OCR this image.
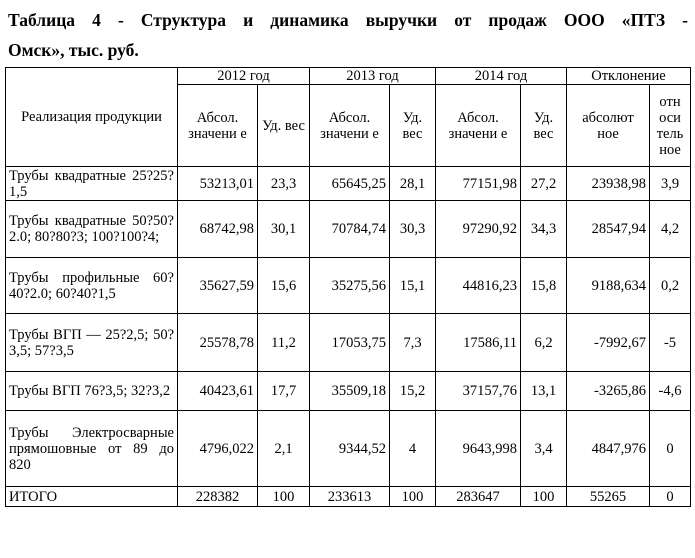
Таблица 4 - Структура и динамика выручки от продаж ООО «ПТЗ -
Омск», тыс. руб.
Реализация продукции	2012 год		2013 год		2014 год		Отклонение	
	Абсол. значени е	Уд. вес	Абсол. значени е	Уд. вес	Абсол. значени е	Уд. вес	абсолют ное	отн оси тель ное
Трубы квадратные 25?25?1,5	53213,01	23,3	65645,25	28,1	77151,98	27,2	23938,98	3,9
Трубы квадратные 50?50?2.0; 80?80?3; 100?100?4;	68742,98	30,1	70784,74	30,3	97290,92	34,3	28547,94	4,2
Трубы профильные 60?40?2.0; 60?40?1,5	35627,59	15,6	35275,56	15,1	44816,23	15,8	9188,634	0,2
Трубы ВГП — 25?2,5; 50?3,5; 57?3,5	25578,78	11,2	17053,75	7,3	17586,11	6,2	-7992,67	-5
Трубы ВГП 76?3,5; 32?3,2	40423,61	17,7	35509,18	15,2	37157,76	13,1	-3265,86	-4,6
Трубы Электросварные прямошовные от 89 до 820	4796,022	2,1	9344,52	4	9643,998	3,4	4847,976	0
ИТОГО	228382	100	233613	100	283647	100	55265	0
